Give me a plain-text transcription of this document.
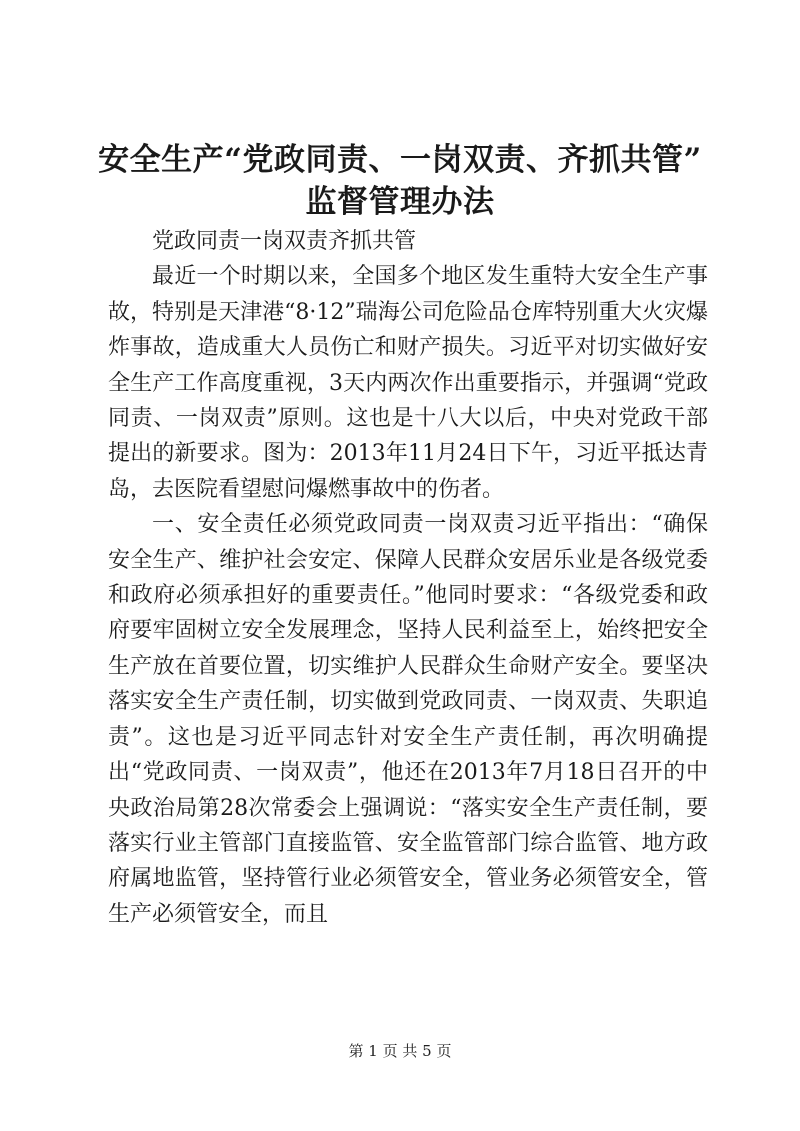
安全生产“党政同责、一岗双责、齐抓共管”
监督管理办法

党政同责一岗双责齐抓共管

最近一个时期以来，全国多个地区发生重特大安全生产事故，特别是天津港“8·12”瑞海公司危险品仓库特别重大火灾爆炸事故，造成重大人员伤亡和财产损失。习近平对切实做好安全生产工作高度重视，3天内两次作出重要指示，并强调“党政同责、一岗双责”原则。这也是十八大以后，中央对党政干部提出的新要求。图为：2013年11月24日下午，习近平抵达青岛，去医院看望慰问爆燃事故中的伤者。

一、安全责任必须党政同责一岗双责习近平指出：“确保安全生产、维护社会安定、保障人民群众安居乐业是各级党委和政府必须承担好的重要责任。”他同时要求：“各级党委和政府要牢固树立安全发展理念，坚持人民利益至上，始终把安全生产放在首要位置，切实维护人民群众生命财产安全。要坚决落实安全生产责任制，切实做到党政同责、一岗双责、失职追责”。这也是习近平同志针对安全生产责任制，再次明确提出“党政同责、一岗双责”，他还在2013年7月18日召开的中央政治局第28次常委会上强调说：“落实安全生产责任制，要落实行业主管部门直接监管、安全监管部门综合监管、地方政府属地监管，坚持管行业必须管安全，管业务必须管安全，管生产必须管安全，而且

第 1 页 共 5 页
